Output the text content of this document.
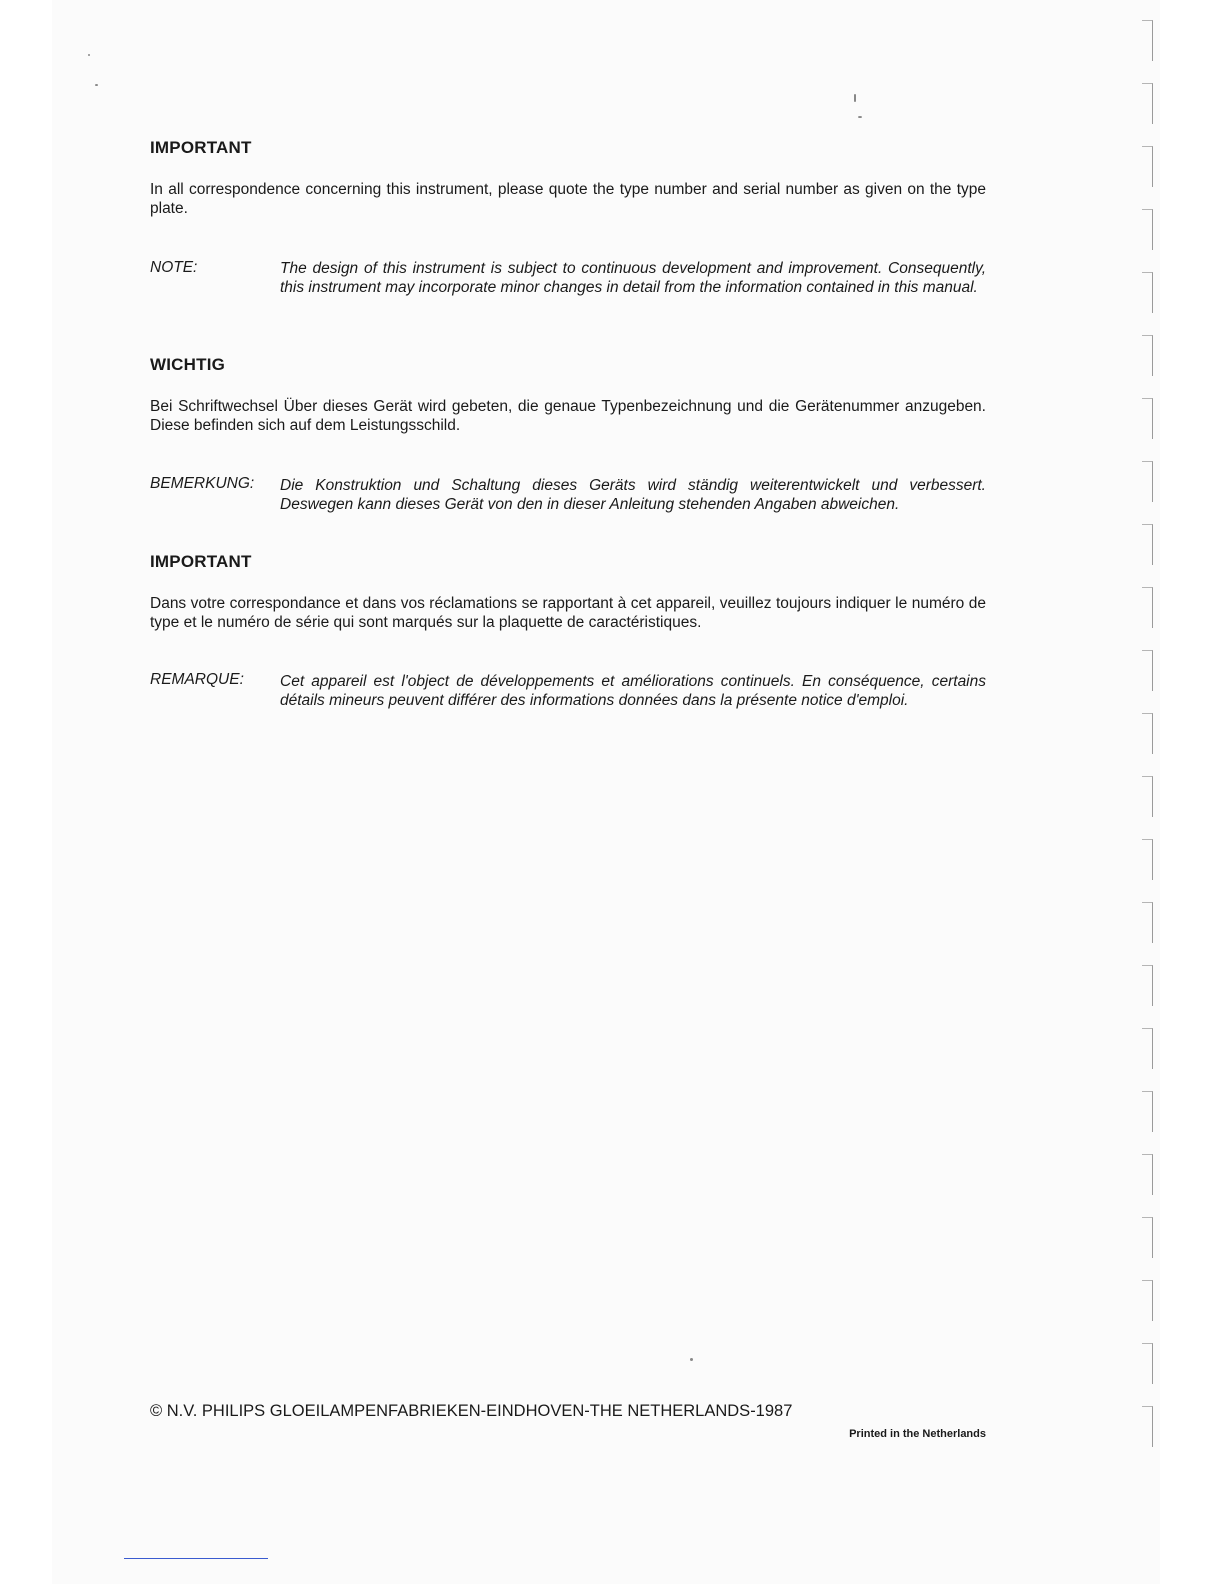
IMPORTANT
In all correspondence concerning this instrument, please quote the type number and serial number as given on the type plate.
NOTE:	The design of this instrument is subject to continuous development and improvement. Consequently, this instrument may incorporate minor changes in detail from the information contained in this manual.
WICHTIG
Bei Schriftwechsel Über dieses Gerät wird gebeten, die genaue Typenbezeichnung und die Gerätenummer anzugeben. Diese befinden sich auf dem Leistungsschild.
BEMERKUNG: Die Konstruktion und Schaltung dieses Geräts wird ständig weiterentwickelt und verbessert. Deswegen kann dieses Gerät von den in dieser Anleitung stehenden Angaben abweichen.
IMPORTANT
Dans votre correspondance et dans vos réclamations se rapportant à cet appareil, veuillez toujours indiquer le numéro de type et le numéro de série qui sont marqués sur la plaquette de caractéristiques.
REMARQUE: Cet appareil est l'object de développements et améliorations continuels. En conséquence, certains détails mineurs peuvent différer des informations données dans la présente notice d'emploi.
© N.V. PHILIPS GLOEILAMPENFABRIEKEN-EINDHOVEN-THE NETHERLANDS-1987
Printed in the Netherlands
